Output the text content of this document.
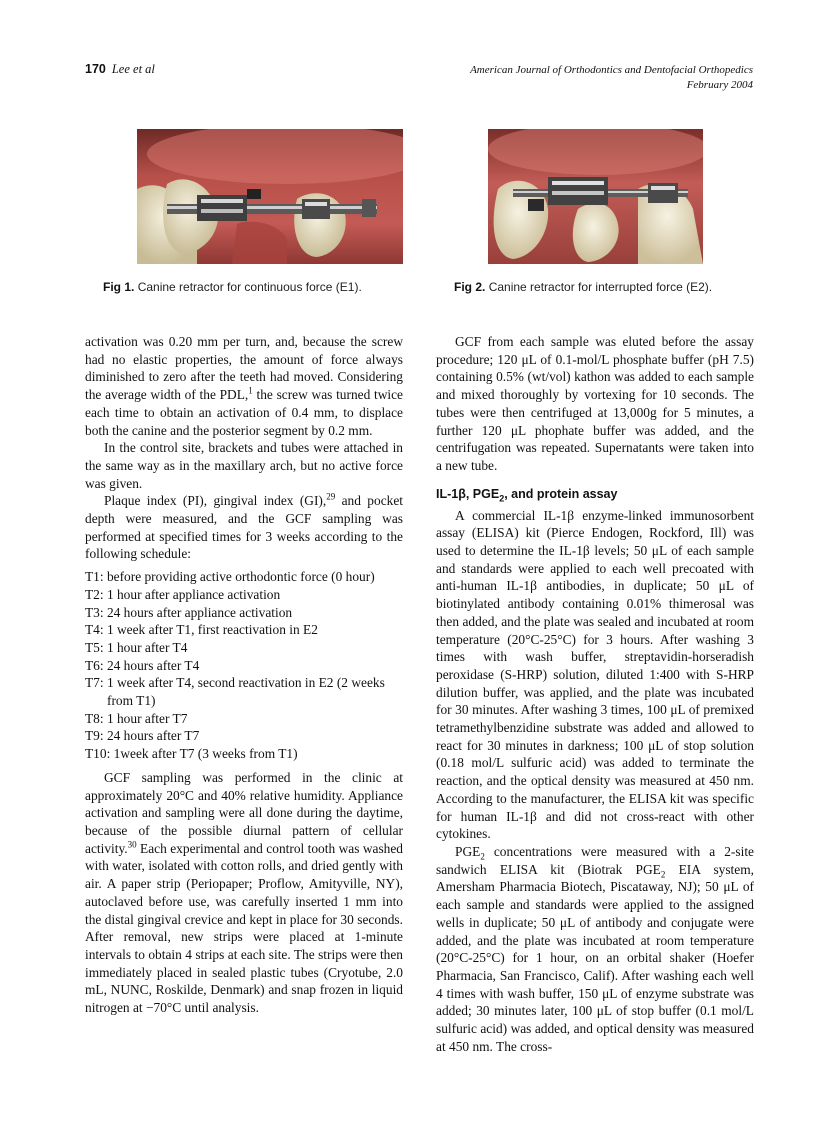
170 Lee et al	American Journal of Orthodontics and Dentofacial Orthopedics
February 2004
Fig 1. Canine retractor for continuous force (E1).	Fig 2. Canine retractor for interrupted force (E2).

activation was 0.20 mm per turn, and, because the screw had no elastic properties, the amount of force always diminished to zero after the teeth had moved. Considering the average width of the PDL,$^1$ the screw was turned twice each time to obtain an activation of 0.4 mm, to displace both the canine and the posterior segment by 0.2 mm.

In the control site, brackets and tubes were attached in the same way as in the maxillary arch, but no active force was given.

Plaque index (PI), gingival index (GI),$^{29}$ and pocket depth were measured, and the GCF sampling was performed at specified times for 3 weeks according to the following schedule:

T1: before providing active orthodontic force (0 hour)
T2: 1 hour after appliance activation
T3: 24 hours after appliance activation
T4: 1 week after T1, first reactivation in E2
T5: 1 hour after T4
T6: 24 hours after T4
T7: 1 week after T4, second reactivation in E2 (2 weeks from T1)
T8: 1 hour after T7
T9: 24 hours after T7
T10: 1week after T7 (3 weeks from T1)

GCF sampling was performed in the clinic at approximately 20°C and 40% relative humidity. Appliance activation and sampling were all done during the daytime, because of the possible diurnal pattern of cellular activity.$^{30}$ Each experimental and control tooth was washed with water, isolated with cotton rolls, and dried gently with air. A paper strip (Periopaper; Proflow, Amityville, NY), autoclaved before use, was carefully inserted 1 mm into the distal gingival crevice and kept in place for 30 seconds. After removal, new strips were placed at 1-minute intervals to obtain 4 strips at each site. The strips were then immediately placed in sealed plastic tubes (Cryotube, 2.0 mL, NUNC, Roskilde, Denmark) and snap frozen in liquid nitrogen at −70°C until analysis.

GCF from each sample was eluted before the assay procedure; 120 μL of 0.1-mol/L phosphate buffer (pH 7.5) containing 0.5% (wt/vol) kathon was added to each sample and mixed thoroughly by vortexing for 10 seconds. The tubes were then centrifuged at 13,000g for 5 minutes, a further 120 μL phophate buffer was added, and the centrifugation was repeated. Supernatants were taken into a new tube.

IL-1β, $PGE_2$, and protein assay

A commercial IL-1β enzyme-linked immunosorbent assay (ELISA) kit (Pierce Endogen, Rockford, Ill) was used to determine the IL-1β levels; 50 μL of each sample and standards were applied to each well precoated with anti-human IL-1β antibodies, in duplicate; 50 μL of biotinylated antibody containing 0.01% thimerosal was then added, and the plate was sealed and incubated at room temperature (20°C-25°C) for 3 hours. After washing 3 times with wash buffer, streptavidin-horseradish peroxidase (S-HRP) solution, diluted 1:400 with S-HRP dilution buffer, was applied, and the plate was incubated for 30 minutes. After washing 3 times, 100 μL of premixed tetramethylbenzidine substrate was added and allowed to react for 30 minutes in darkness; 100 μL of stop solution (0.18 mol/L sulfuric acid) was added to terminate the reaction, and the optical density was measured at 450 nm. According to the manufacturer, the ELISA kit was specific for human IL-1β and did not cross-react with other cytokines.

$PGE_2$ concentrations were measured with a 2-site sandwich ELISA kit (Biotrak $PGE_2$ EIA system, Amersham Pharmacia Biotech, Piscataway, NJ); 50 μL of each sample and standards were applied to the assigned wells in duplicate; 50 μL of antibody and conjugate were added, and the plate was incubated at room temperature (20°C-25°C) for 1 hour, on an orbital shaker (Hoefer Pharmacia, San Francisco, Calif). After washing each well 4 times with wash buffer, 150 μL of enzyme substrate was added; 30 minutes later, 100 μL of stop buffer (0.1 mol/L sulfuric acid) was added, and optical density was measured at 450 nm. The cross-
